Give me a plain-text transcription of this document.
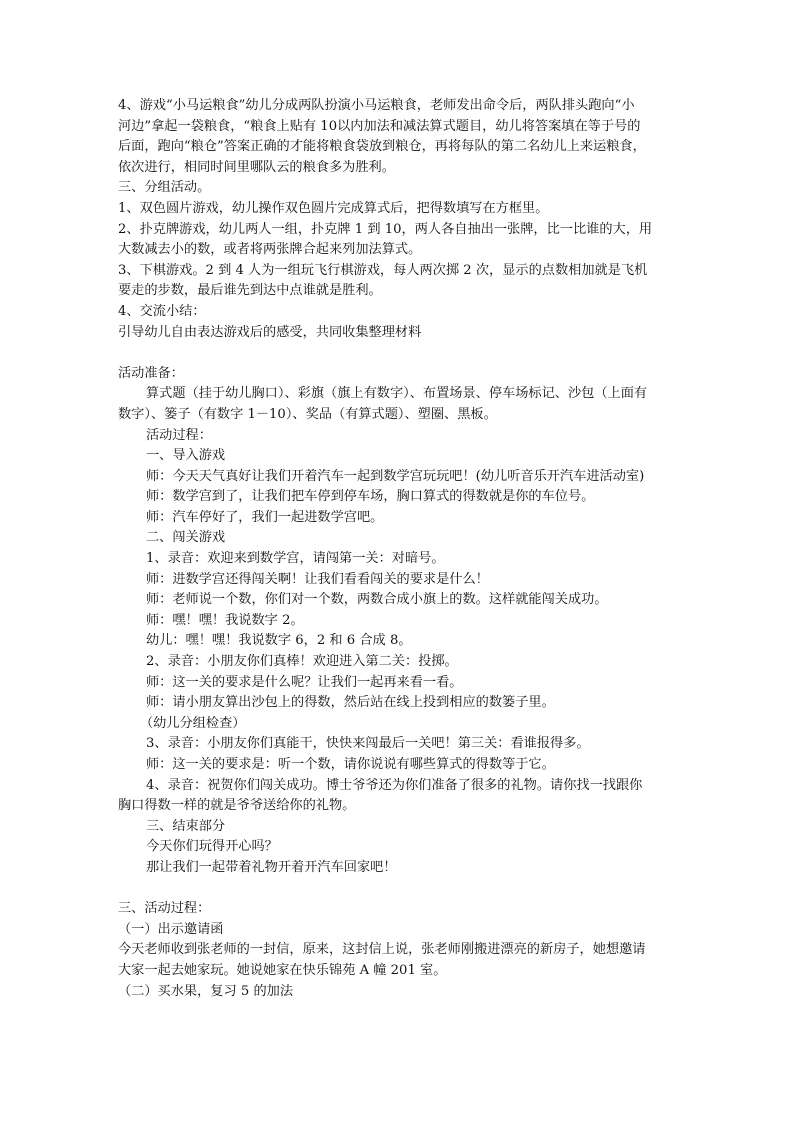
4、游戏“小马运粮食”幼儿分成两队扮演小马运粮食，老师发出命令后，两队排头跑向“小
河边”拿起一袋粮食，“粮食上贴有 10以内加法和减法算式题目，幼儿将答案填在等于号的
后面，跑向“粮仓”答案正确的才能将粮食袋放到粮仓，再将每队的第二名幼儿上来运粮食，
依次进行，相同时间里哪队云的粮食多为胜利。
三、分组活动。
1、双色圆片游戏，幼儿操作双色圆片完成算式后，把得数填写在方框里。
2、扑克牌游戏，幼儿两人一组，扑克牌 1 到 10，两人各自抽出一张牌，比一比谁的大，用
大数减去小的数，或者将两张牌合起来列加法算式。
3、下棋游戏。2 到 4 人为一组玩飞行棋游戏，每人两次掷 2 次，显示的点数相加就是飞机
要走的步数，最后谁先到达中点谁就是胜利。
4、交流小结：
引导幼儿自由表达游戏后的感受，共同收集整理材料
活动准备：
算式题（挂于幼儿胸口）、彩旗（旗上有数字）、布置场景、停车场标记、沙包（上面有
数字）、篓子（有数字 1－10）、奖品（有算式题）、塑圈、黑板。
活动过程：
一、导入游戏
师：今天天气真好让我们开着汽车一起到数学宫玩玩吧！(幼儿听音乐开汽车进活动室)
师：数学宫到了，让我们把车停到停车场，胸口算式的得数就是你的车位号。
师：汽车停好了，我们一起进数学宫吧。
二、闯关游戏
1、录音：欢迎来到数学宫，请闯第一关：对暗号。
师：进数学宫还得闯关啊！让我们看看闯关的要求是什么！
师：老师说一个数，你们对一个数，两数合成小旗上的数。这样就能闯关成功。
师：嘿！嘿！我说数字 2。
幼儿：嘿！嘿！我说数字 6，2 和 6 合成 8。
2、录音：小朋友你们真棒！欢迎进入第二关：投掷。
师：这一关的要求是什么呢？让我们一起再来看一看。
师：请小朋友算出沙包上的得数，然后站在线上投到相应的数篓子里。
（幼儿分组检查）
3、录音：小朋友你们真能干，快快来闯最后一关吧！第三关：看谁报得多。
师：这一关的要求是：听一个数，请你说说有哪些算式的得数等于它。
4、录音：祝贺你们闯关成功。博士爷爷还为你们准备了很多的礼物。请你找一找跟你
胸口得数一样的就是爷爷送给你的礼物。
三、结束部分
今天你们玩得开心吗？
那让我们一起带着礼物开着开汽车回家吧！
三、活动过程：
（一）出示邀请函
今天老师收到张老师的一封信，原来，这封信上说，张老师刚搬进漂亮的新房子，她想邀请
大家一起去她家玩。她说她家在快乐锦苑 A 幢 201 室。
（二）买水果，复习 5 的加法
